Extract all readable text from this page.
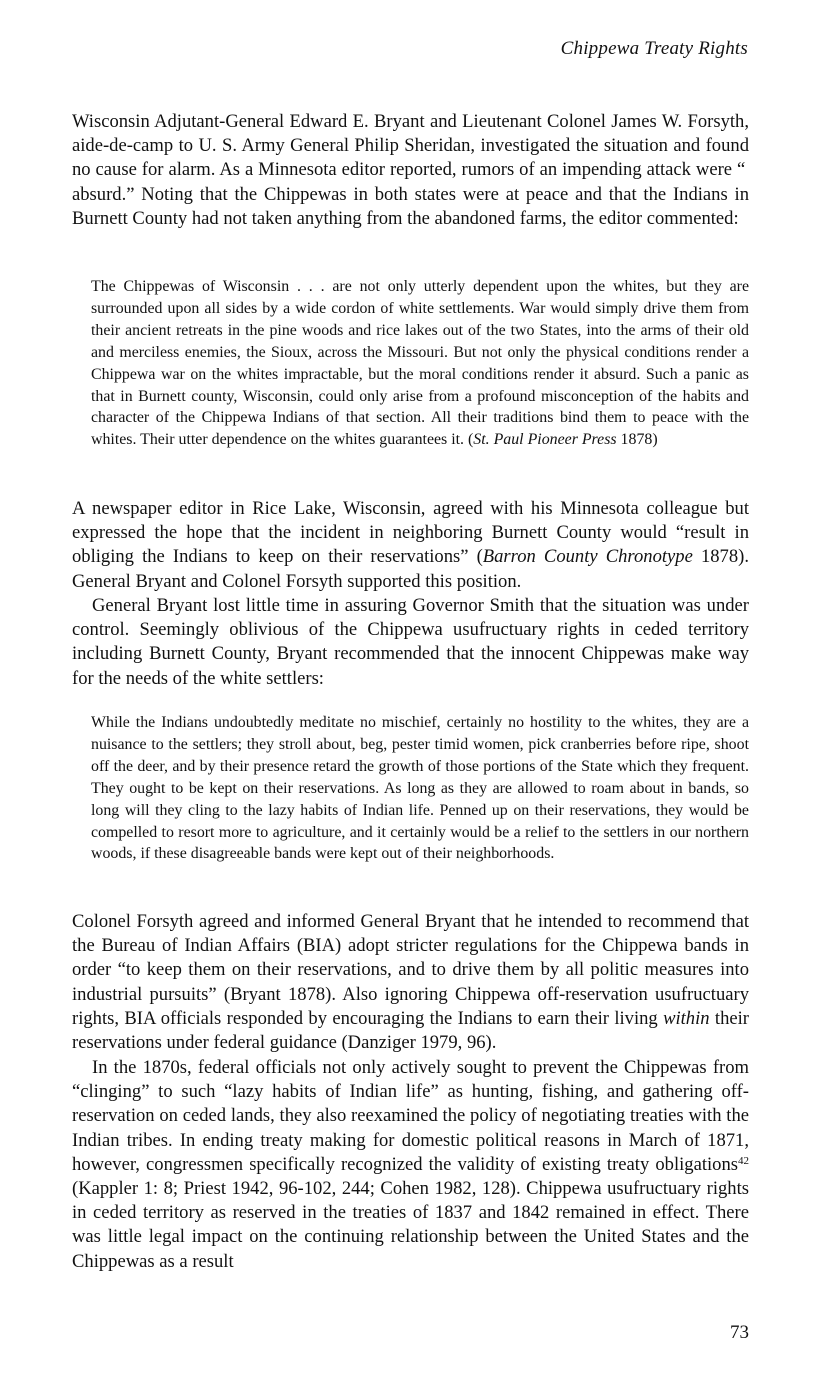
Chippewa Treaty Rights

Wisconsin Adjutant-General Edward E. Bryant and Lieutenant Colonel James W. Forsyth, aide-de-camp to U. S. Army General Philip Sheridan, investigated the situation and found no cause for alarm. As a Minnesota editor reported, rumors of an impending attack were “ absurd.” Noting that the Chippewas in both states were at peace and that the Indians in Burnett County had not taken anything from the abandoned farms, the editor commented:

The Chippewas of Wisconsin . . . are not only utterly dependent upon the whites, but they are surrounded upon all sides by a wide cordon of white settlements. War would simply drive them from their ancient retreats in the pine woods and rice lakes out of the two States, into the arms of their old and merciless enemies, the Sioux, across the Missouri. But not only the physical conditions render a Chippewa war on the whites impractable, but the moral conditions render it absurd. Such a panic as that in Burnett county, Wisconsin, could only arise from a profound misconception of the habits and character of the Chippewa Indians of that section. All their traditions bind them to peace with the whites. Their utter dependence on the whites guarantees it. (St. Paul Pioneer Press 1878)

A newspaper editor in Rice Lake, Wisconsin, agreed with his Minnesota colleague but expressed the hope that the incident in neighboring Burnett County would “result in obliging the Indians to keep on their reservations” (Barron County Chronotype 1878). General Bryant and Colonel Forsyth supported this position.

General Bryant lost little time in assuring Governor Smith that the situation was under control. Seemingly oblivious of the Chippewa usufructuary rights in ceded territory including Burnett County, Bryant recommended that the innocent Chippewas make way for the needs of the white settlers:

While the Indians undoubtedly meditate no mischief, certainly no hostility to the whites, they are a nuisance to the settlers; they stroll about, beg, pester timid women, pick cranberries before ripe, shoot off the deer, and by their presence retard the growth of those portions of the State which they frequent. They ought to be kept on their reservations. As long as they are allowed to roam about in bands, so long will they cling to the lazy habits of Indian life. Penned up on their reservations, they would be compelled to resort more to agriculture, and it certainly would be a relief to the settlers in our northern woods, if these disagreeable bands were kept out of their neighborhoods.

Colonel Forsyth agreed and informed General Bryant that he intended to recommend that the Bureau of Indian Affairs (BIA) adopt stricter regulations for the Chippewa bands in order “to keep them on their reservations, and to drive them by all politic measures into industrial pursuits” (Bryant 1878). Also ignoring Chippewa off-reservation usufructuary rights, BIA officials responded by encouraging the Indians to earn their living within their reservations under federal guidance (Danziger 1979, 96).

In the 1870s, federal officials not only actively sought to prevent the Chippewas from “clinging” to such “lazy habits of Indian life” as hunting, fishing, and gathering off-reservation on ceded lands, they also reexamined the policy of negotiating treaties with the Indian tribes. In ending treaty making for domestic political reasons in March of 1871, however, congressmen specifically recognized the validity of existing treaty obligations$^{42}$ (Kappler 1: 8; Priest 1942, 96-102, 244; Cohen 1982, 128). Chippewa usufructuary rights in ceded territory as reserved in the treaties of 1837 and 1842 remained in effect. There was little legal impact on the continuing relationship between the United States and the Chippewas as a result

73
